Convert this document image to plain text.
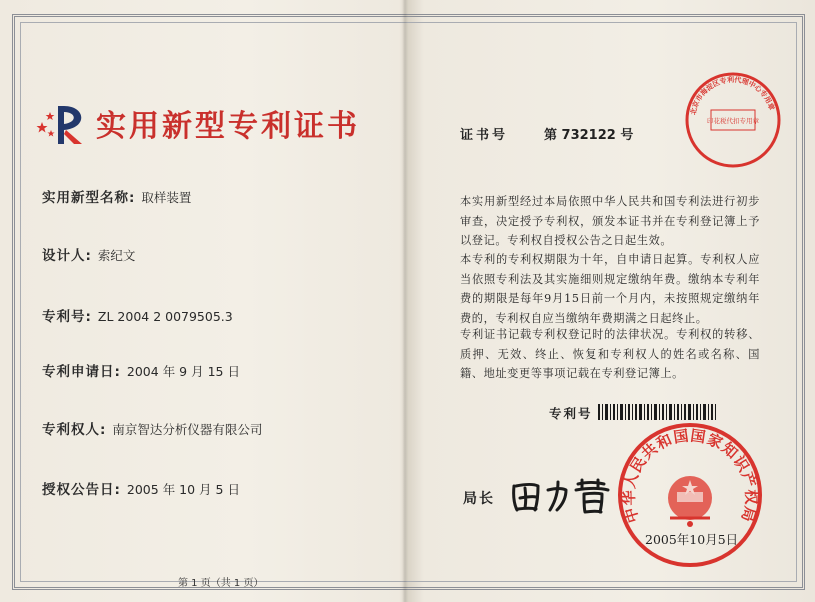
实用新型专利证书
实用新型名称: 取样装置
设计人: 索纪文
专利号: ZL 2004 2 0079505.3
专利申请日: 2004 年 9 月 15 日
专利权人: 南京智达分析仪器有限公司
授权公告日: 2005 年 10 月 5 日
证书号	第 732122 号
本实用新型经过本局依照中华人民共和国专利法进行初步审查，决定授予专利权，颁发本证书并在专利登记簿上予以登记。专利权自授权公告之日起生效。
本专利的专利权期限为十年，自申请日起算。专利权人应当依照专利法及其实施细则规定缴纳年费。缴纳本专利年费的期限是每年9月15日前一个月内，未按照规定缴纳年费的，专利权自应当缴纳年费期满之日起终止。
专利证书记载专利权登记时的法律状况。专利权的转移、质押、无效、终止、恢复和专利权人的姓名或名称、国籍、地址变更等事项记载在专利登记簿上。
专利号
局长
北京市海淀区专利代理中心专用章
印花税代扣专用章
中华人民共和国国家知识产权局
2005年10月5日
第 1 页（共 1 页）
